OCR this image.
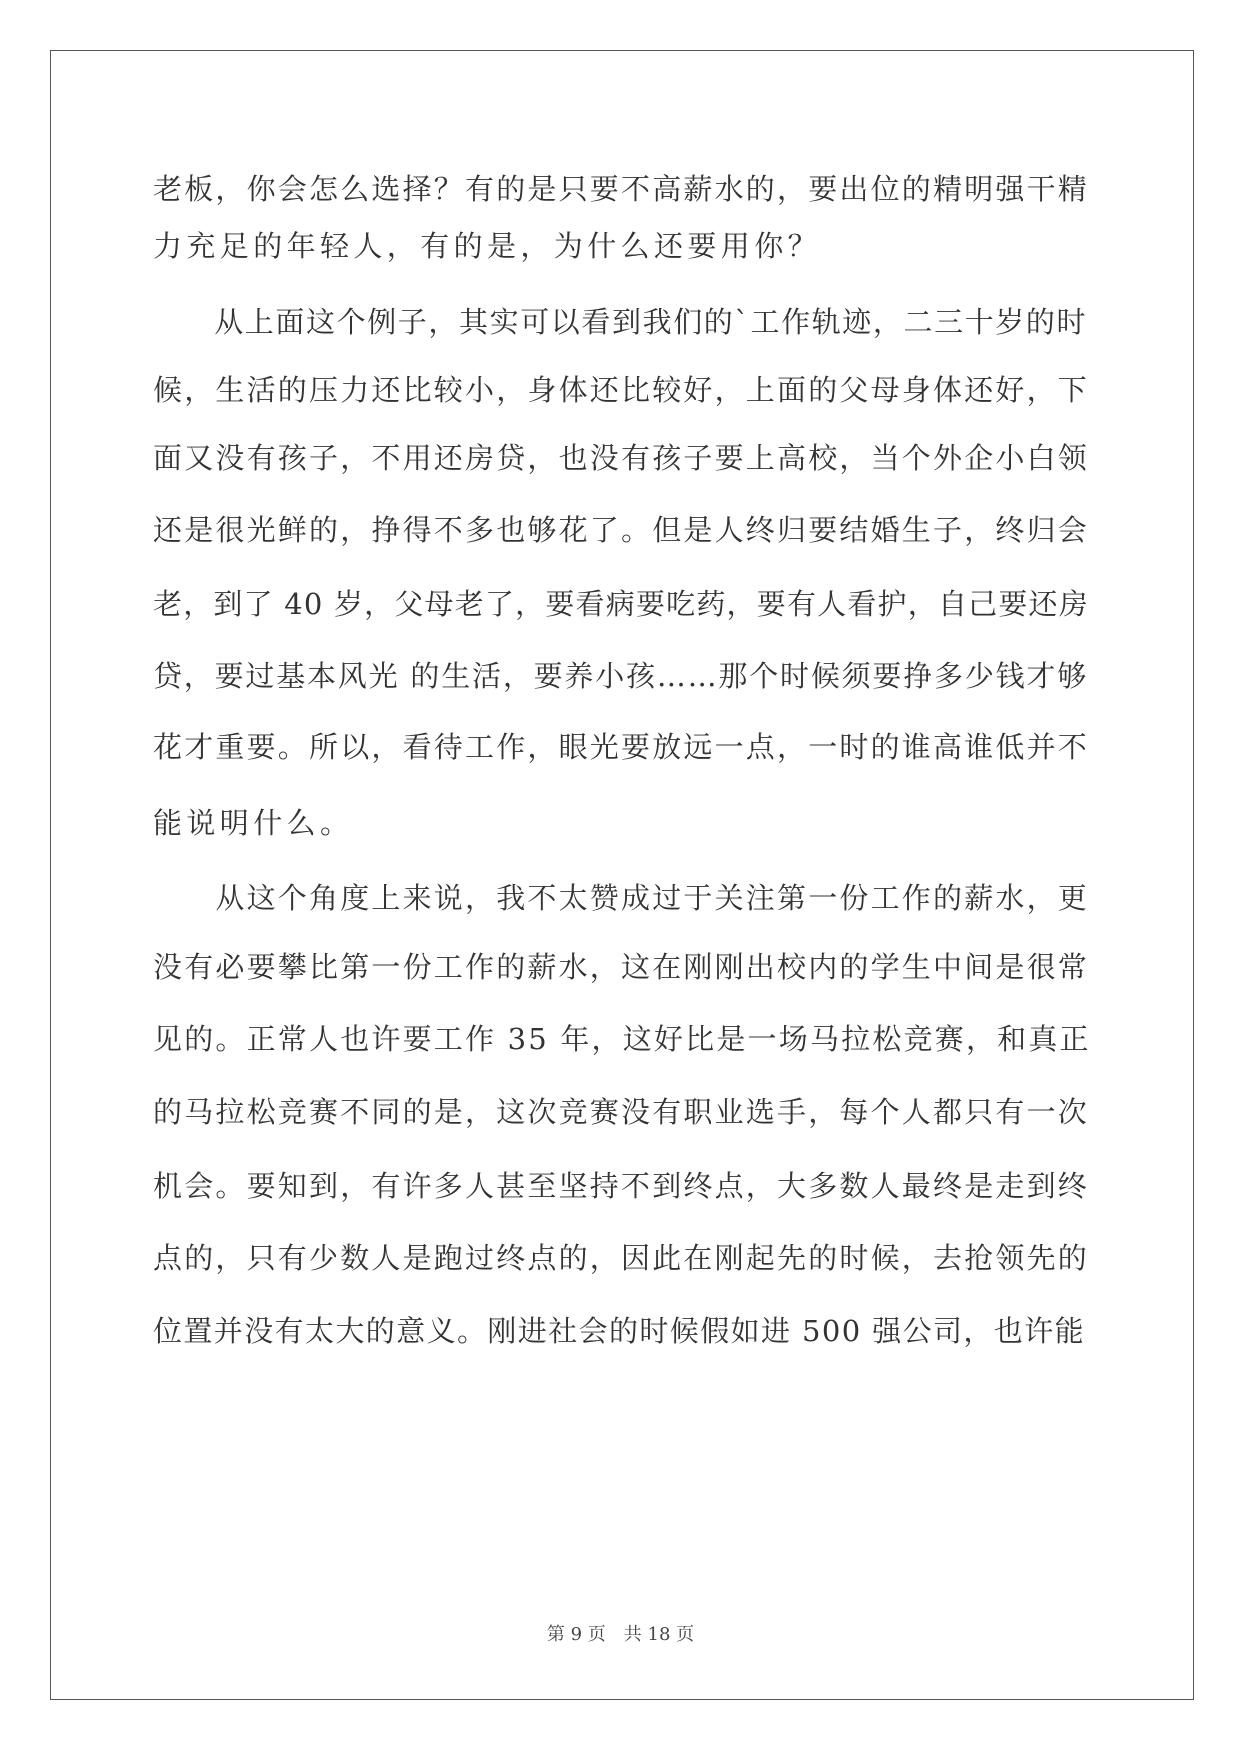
老板，你会怎么选择？有的是只要不高薪水的，要出位的精明强干精
力充足的年轻人，有的是，为什么还要用你？
　　从上面这个例子，其实可以看到我们的`工作轨迹，二三十岁的时
候，生活的压力还比较小，身体还比较好，上面的父母身体还好，下
面又没有孩子，不用还房贷，也没有孩子要上高校，当个外企小白领
还是很光鲜的，挣得不多也够花了。但是人终归要结婚生子，终归会
老，到了 40 岁，父母老了，要看病要吃药，要有人看护，自己要还房
贷，要过基本风光 的生活，要养小孩……那个时候须要挣多少钱才够
花才重要。所以，看待工作，眼光要放远一点，一时的谁高谁低并不
能说明什么。
　　从这个角度上来说，我不太赞成过于关注第一份工作的薪水，更
没有必要攀比第一份工作的薪水，这在刚刚出校内的学生中间是很常
见的。正常人也许要工作 35 年，这好比是一场马拉松竞赛，和真正
的马拉松竞赛不同的是，这次竞赛没有职业选手，每个人都只有一次
机会。要知到，有许多人甚至坚持不到终点，大多数人最终是走到终
点的，只有少数人是跑过终点的，因此在刚起先的时候，去抢领先的
位置并没有太大的意义。刚进社会的时候假如进 500 强公司，也许能
第 9 页　共 18 页
